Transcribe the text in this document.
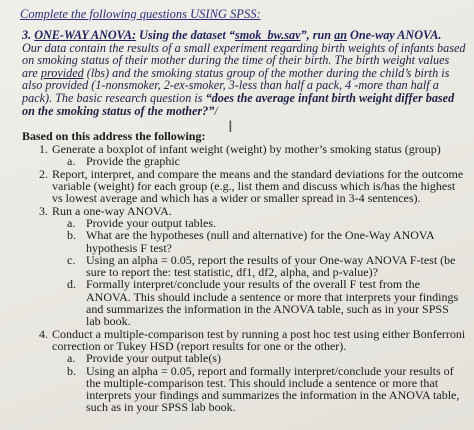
Complete the following questions USING SPSS:
3. ONE-WAY ANOVA: Using the dataset “smok_bw.sav”, run an One-way ANOVA.
Our data contain the results of a small experiment regarding birth weights of infants based on smoking status of their mother during the time of their birth. The birth weight values are provided (lbs) and the smoking status group of the mother during the child’s birth is also provided (1-nonsmoker, 2-ex-smoker, 3-less than half a pack, 4 -more than half a pack). The basic research question is “does the average infant birth weight differ based on the smoking status of the mother?”/
Based on this address the following:
1. Generate a boxplot of infant weight (weight) by mother’s smoking status (group)
a. Provide the graphic
2. Report, interpret, and compare the means and the standard deviations for the outcome variable (weight) for each group (e.g., list them and discuss which is/has the highest vs lowest average and which has a wider or smaller spread in 3-4 sentences).
3. Run a one-way ANOVA.
a. Provide your output tables.
b. What are the hypotheses (null and alternative) for the One-Way ANOVA hypothesis F test?
c. Using an alpha = 0.05, report the results of your One-way ANOVA F-test (be sure to report the: test statistic, df1, df2, alpha, and p-value)?
d. Formally interpret/conclude your results of the overall F test from the ANOVA. This should include a sentence or more that interprets your findings and summarizes the information in the ANOVA table, such as in your SPSS lab book.
4. Conduct a multiple-comparison test by running a post hoc test using either Bonferroni correction or Tukey HSD (report results for one or the other).
a. Provide your output table(s)
b. Using an alpha = 0.05, report and formally interpret/conclude your results of the multiple-comparison test. This should include a sentence or more that interprets your findings and summarizes the information in the ANOVA table, such as in your SPSS lab book.
I
